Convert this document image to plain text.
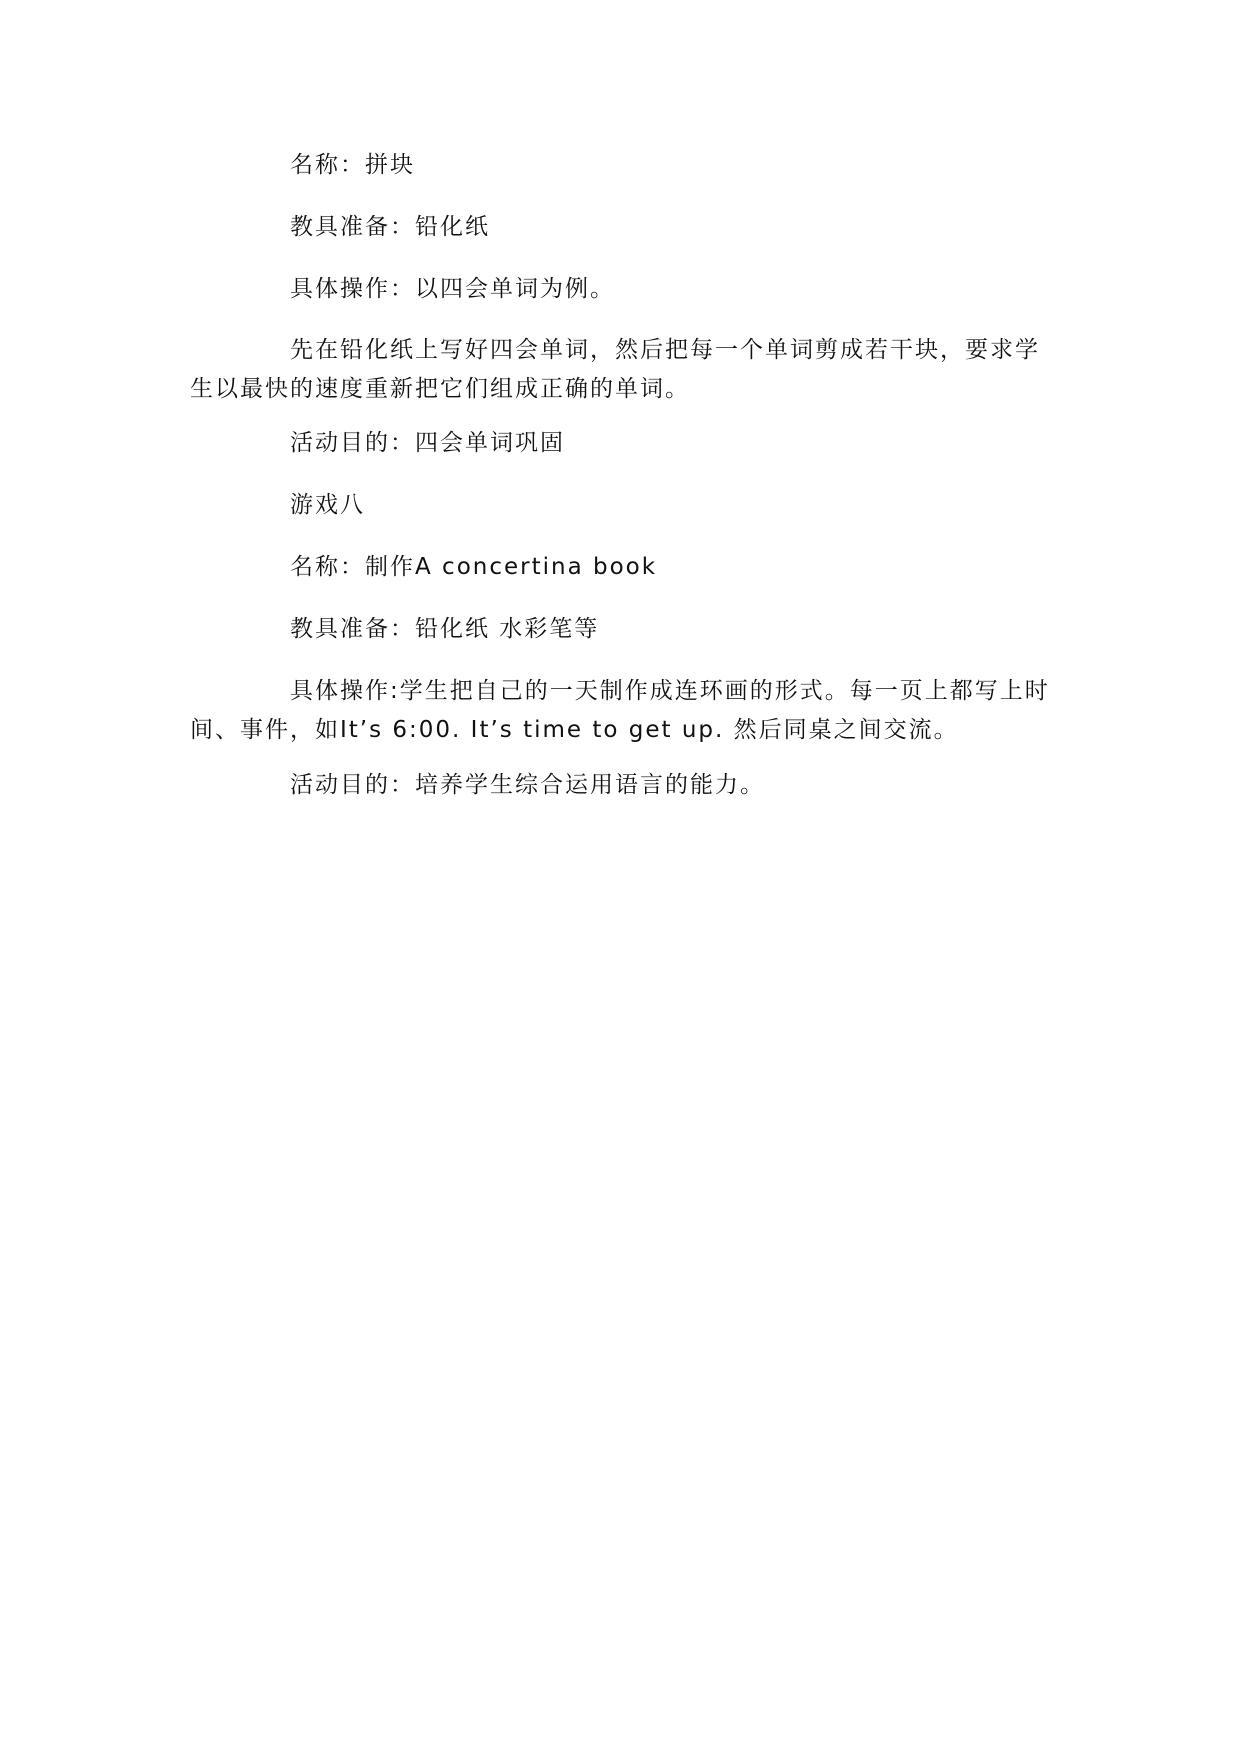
名称：拼块

教具准备：铅化纸

具体操作：以四会单词为例。

先在铅化纸上写好四会单词，然后把每一个单词剪成若干块，要求学生以最快的速度重新把它们组成正确的单词。

活动目的：四会单词巩固

游戏八

名称：制作A concertina book

教具准备：铅化纸 水彩笔等

具体操作:学生把自己的一天制作成连环画的形式。每一页上都写上时间、事件，如It’s 6:00. It’s time to get up. 然后同桌之间交流。

活动目的：培养学生综合运用语言的能力。
